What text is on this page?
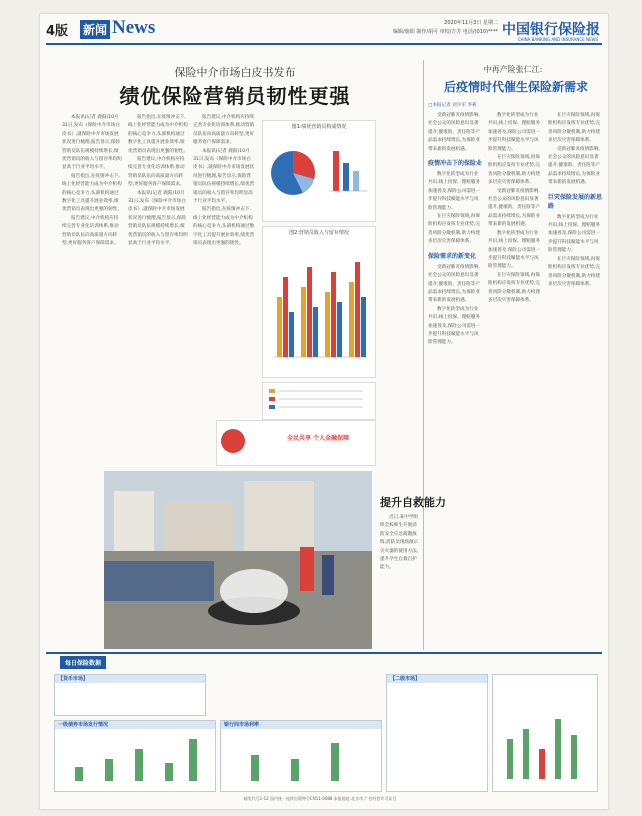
4版 新闻 News	2020年11月3日 星期二
编辑/鹿阳 制作/胡可 审校/方芳 电话/(010)**** 中国银行保险报
CHINA BANKING AND INSURANCE NEWS
保险中介市场白皮书发布
绩优保险营销员韧性更强

本报讯(记者 鹿阳)10月31日,发布《保险中介市场白皮书》,就保险中介市场发展状况进行梳理,报告显示,保险营销员队伍规模持续增长,绩优营销员的收入与留存率均明显高于行业平均水平。

报告指出,在疫情冲击下,线上化经营能力成为中介机构的核心竞争力,头部机构通过数字化工具提升展业效率,绩优营销员表现出更强的韧性。

报告建议,中介机构应持续完善专业化培训体系,推动营销员队伍向高质量方向转型,更好服务客户保障需求。

报告指出,在疫情冲击下,线上化经营能力成为中介机构的核心竞争力,头部机构通过数字化工具提升展业效率,绩优营销员表现出更强的韧性。

报告建议,中介机构应持续完善专业化培训体系,推动营销员队伍向高质量方向转型,更好服务客户保障需求。

本报讯(记者 鹿阳)10月31日,发布《保险中介市场白皮书》,就保险中介市场发展状况进行梳理,报告显示,保险营销员队伍规模持续增长,绩优营销员的收入与留存率均明显高于行业平均水平。

报告建议,中介机构应持续完善专业化培训体系,推动营销员队伍向高质量方向转型,更好服务客户保障需求。

本报讯(记者 鹿阳)10月31日,发布《保险中介市场白皮书》,就保险中介市场发展状况进行梳理,报告显示,保险营销员队伍规模持续增长,绩优营销员的收入与留存率均明显高于行业平均水平。

报告指出,在疫情冲击下,线上化经营能力成为中介机构的核心竞争力,头部机构通过数字化工具提升展业效率,绩优营销员表现出更强的韧性。

图1:绩优营销员构成情况
图2:营销员收入与留存情况
全民共享 个人金融保障
中再产险张仁江:
后疫情时代催生保险新需求
□本报记者 刘少军 李莉

受新冠肺炎疫情影响,社会公众的风险意识显著提升,健康险、责任险等产品需求持续增长,为保险业带来新的发展机遇。

疫情冲击下的保险业

数字化转型成为行业共识,线上投保、理赔服务加速普及,保险公司需进一步提升科技赋能水平与风险管理能力。

在巨灾保险领域,再保险机构应发挥专业优势,完善风险分散机制,助力构建多层次灾害保障体系。

保险需求的新变化

受新冠肺炎疫情影响,社会公众的风险意识显著提升,健康险、责任险等产品需求持续增长,为保险业带来新的发展机遇。

数字化转型成为行业共识,线上投保、理赔服务加速普及,保险公司需进一步提升科技赋能水平与风险管理能力。

数字化转型成为行业共识,线上投保、理赔服务加速普及,保险公司需进一步提升科技赋能水平与风险管理能力。

在巨灾保险领域,再保险机构应发挥专业优势,完善风险分散机制,助力构建多层次灾害保障体系。

受新冠肺炎疫情影响,社会公众的风险意识显著提升,健康险、责任险等产品需求持续增长,为保险业带来新的发展机遇。

数字化转型成为行业共识,线上投保、理赔服务加速普及,保险公司需进一步提升科技赋能水平与风险管理能力。

在巨灾保险领域,再保险机构应发挥专业优势,完善风险分散机制,助力构建多层次灾害保障体系。

在巨灾保险领域,再保险机构应发挥专业优势,完善风险分散机制,助力构建多层次灾害保障体系。

受新冠肺炎疫情影响,社会公众的风险意识显著提升,健康险、责任险等产品需求持续增长,为保险业带来新的发展机遇。

巨灾保险发展的新思路

数字化转型成为行业共识,线上投保、理赔服务加速普及,保险公司需进一步提升科技赋能水平与风险管理能力。

在巨灾保险领域,再保险机构应发挥专业优势,完善风险分散机制,助力构建多层次灾害保障体系。

提升自救能力

近日,某中学组织全校师生开展消防安全应急疏散演练,消防员现场演示灭火器的使用方法,提升学生自救自护能力。

每日保险数据
【货币市场】
一级债券市场发行情况	银行间市场利率
【二级市场】
邮发代号1-12 国内统一连续出版物号CN11-0088 本报地址:北京市 广告经营许可证号
